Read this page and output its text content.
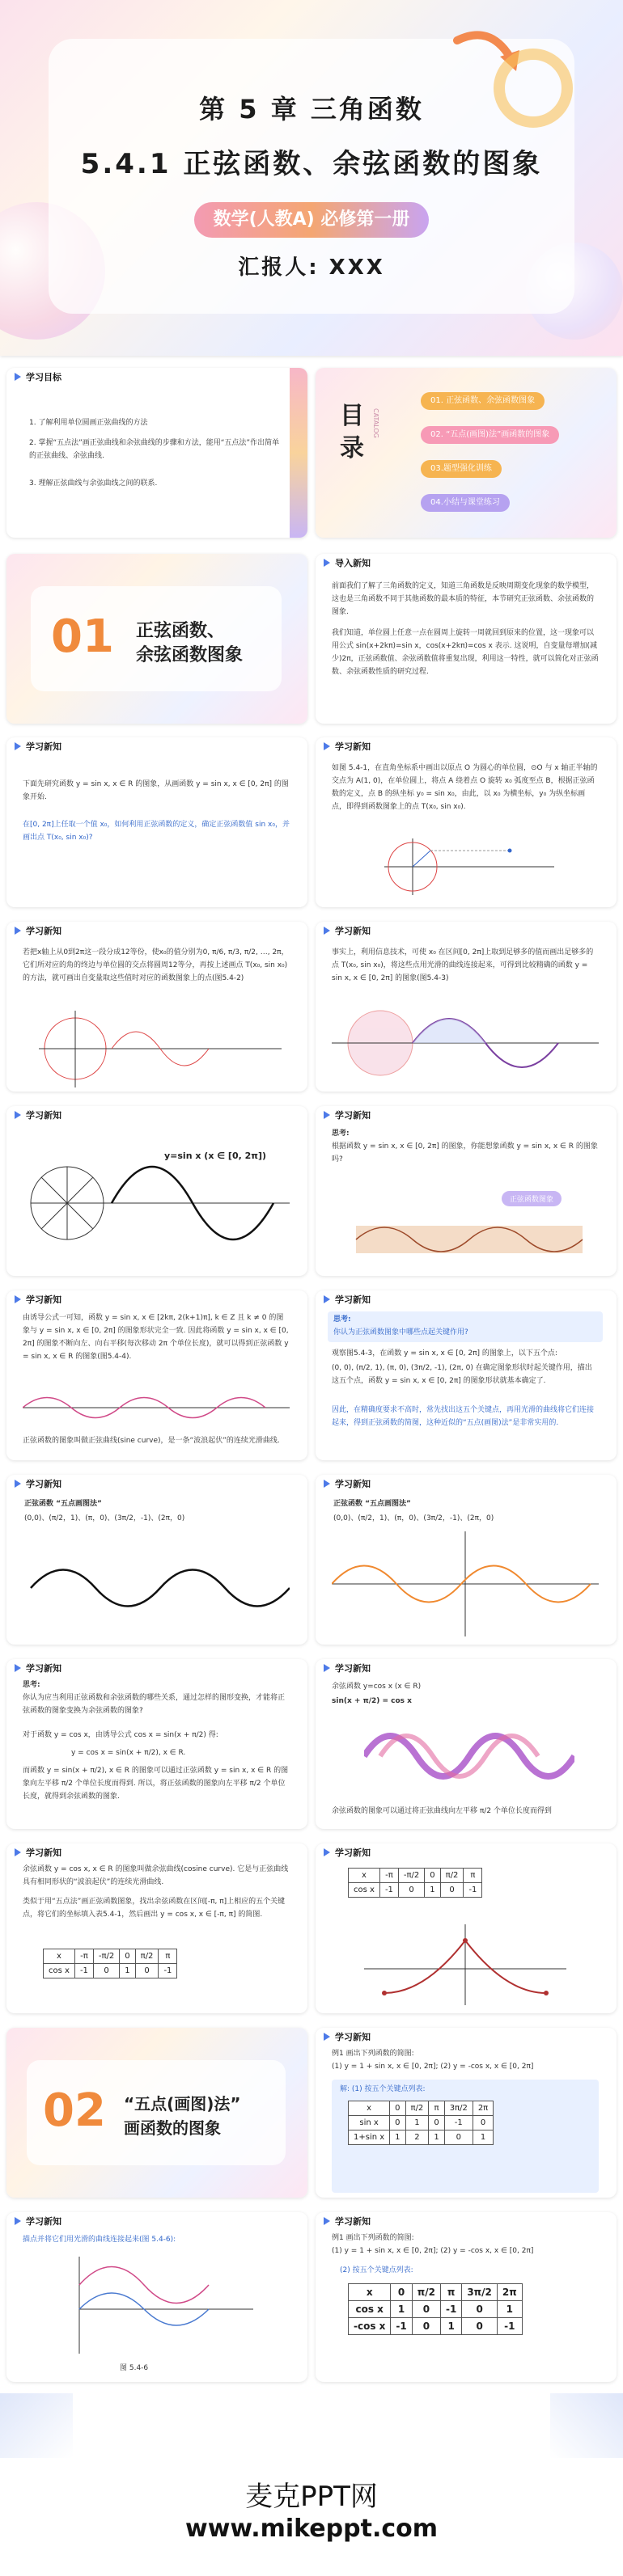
第 5 章 三角函数
5.4.1 正弦函数、余弦函数的图象
数学(人教A) 必修第一册
汇报人: XXX
学习目标
1. 了解利用单位圆画正弦曲线的方法
2. 掌握“五点法”画正弦曲线和余弦曲线的步骤和方法，能用“五点法”作出简单的正弦曲线、余弦曲线.
3. 理解正弦曲线与余弦曲线之间的联系.
目录
CATALOG
01. 正弦函数、余弦函数图象
02. “五点(画图)法”画函数的图象
03.题型强化训练
04.小结与课堂练习
01 正弦函数、
余弦函数图象
导入新知
前面我们了解了三角函数的定义，知道三角函数是反映周期变化现象的数学模型，这也是三角函数不同于其他函数的最本质的特征，本节研究正弦函数、余弦函数的图象.
我们知道，单位圆上任意一点在圆周上旋转一周就回到原来的位置，这一现象可以用公式 sin(x+2kπ)=sin x，cos(x+2kπ)=cos x 表示. 这说明，自变量每增加(减少)2π，正弦函数值、余弦函数值将重复出现，利用这一特性，就可以简化对正弦函数、余弦函数性质的研究过程.
学习新知
下面先研究函数 y = sin x, x ∈ R 的图象，从画函数 y = sin x, x ∈ [0, 2π] 的图象开始.
在[0, 2π]上任取一个值 x₀，如何利用正弦函数的定义，确定正弦函数值 sin x₀，并画出点 T(x₀, sin x₀)?
学习新知
如图 5.4-1，在直角坐标系中画出以原点 O 为圆心的单位圆，⊙O 与 x 轴正半轴的交点为 A(1, 0)，在单位圆上，将点 A 绕着点 O 旋转 x₀ 弧度至点 B，根据正弦函数的定义，点 B 的纵坐标 y₀ = sin x₀，由此，以 x₀ 为横坐标，y₀ 为纵坐标画点，即得到函数图象上的点 T(x₀, sin x₀).
学习新知
若把x轴上从0到2π这一段分成12等份，使x₀的值分别为0, π/6, π/3, π/2, …, 2π，它们所对应的角的终边与单位圆的交点将圆周12等分，再按上述画点 T(x₀, sin x₀) 的方法，就可画出自变量取这些值时对应的函数图象上的点(图5.4-2)
学习新知
事实上，利用信息技术，可使 x₀ 在区间[0, 2π]上取到足够多的值而画出足够多的点 T(x₀, sin x₀)，将这些点用光滑的曲线连接起来，可得到比较精确的函数 y = sin x, x ∈ [0, 2π] 的图象(图5.4-3)
学习新知
y=sin x (x ∈ [0, 2π])
学习新知
思考:
根据函数 y = sin x, x ∈ [0, 2π] 的图象，你能想象函数 y = sin x, x ∈ R 的图象吗?
正弦函数图象
学习新知
由诱导公式一可知，函数 y = sin x, x ∈ [2kπ, 2(k+1)π], k ∈ Z 且 k ≠ 0 的图象与 y = sin x, x ∈ [0, 2π] 的图象形状完全一致. 因此将函数 y = sin x, x ∈ [0, 2π] 的图象不断向左、向右平移(每次移动 2π 个单位长度)，就可以得到正弦函数 y = sin x, x ∈ R 的图象(图5.4-4).
正弦函数的图象叫做正弦曲线(sine curve)，是一条“波浪起伏”的连续光滑曲线.
学习新知
思考:
你认为正弦函数图象中哪些点起关键作用?
观察图5.4-3，在函数 y = sin x, x ∈ [0, 2π] 的图象上，以下五个点:
(0, 0), (π/2, 1), (π, 0), (3π/2, -1), (2π, 0) 在确定图象形状时起关键作用，描出这五个点，函数 y = sin x, x ∈ [0, 2π] 的图象形状就基本确定了.
因此，在精确度要求不高时，常先找出这五个关键点，再用光滑的曲线将它们连接起来，得到正弦函数的简图，这种近似的“五点(画图)法”是非常实用的.
学习新知
正弦函数 “五点画图法”
(0,0)、(π/2，1)、(π，0)、(3π/2，-1)、(2π，0)
学习新知
正弦函数 “五点画图法”
(0,0)、(π/2，1)、(π，0)、(3π/2，-1)、(2π，0)
学习新知
思考:
你认为应当利用正弦函数和余弦函数的哪些关系，通过怎样的图形变换，才能将正弦函数的图象变换为余弦函数的图象?
对于函数 y = cos x，由诱导公式 cos x = sin(x + π/2) 得:
y = cos x = sin(x + π/2), x ∈ R.
而函数 y = sin(x + π/2), x ∈ R 的图象可以通过正弦函数 y = sin x, x ∈ R 的图象向左平移 π/2 个单位长度而得到. 所以，将正弦函数的图象向左平移 π/2 个单位长度，就得到余弦函数的图象.
学习新知
余弦函数 y=cos x (x ∈ R)
sin(x + π/2) = cos x
余弦函数的图象可以通过将正弦曲线向左平移 π/2 个单位长度而得到
学习新知
余弦函数 y = cos x, x ∈ R 的图象叫做余弦曲线(cosine curve). 它是与正弦曲线具有相同形状的“波浪起伏”的连续光滑曲线.
类似于用“五点法”画正弦函数图象，找出余弦函数在区间[-π, π]上相应的五个关键点，将它们的坐标填入表5.4-1，然后画出 y = cos x, x ∈ [-π, π] 的简图.
x	-π	-π/2	0	π/2	π
cos x	-1	0	1	0	-1
学习新知
x	-π	-π/2	0	π/2	π
cos x	-1	0	1	0	-1
02 “五点(画图)法”
画函数的图象
学习新知
例1 画出下列函数的简图:
(1) y = 1 + sin x, x ∈ [0, 2π]; (2) y = -cos x, x ∈ [0, 2π]
解: (1) 按五个关键点列表:
x	0	π/2	π	3π/2	2π
sin x	0	1	0	-1	0
1+sin x	1	2	1	0	1
学习新知
描点并将它们用光滑的曲线连接起来(图 5.4-6):
图 5.4-6
学习新知
例1 画出下列函数的简图:
(1) y = 1 + sin x, x ∈ [0, 2π]; (2) y = -cos x, x ∈ [0, 2π]
(2) 按五个关键点列表:
x	0	π/2	π	3π/2	2π
cos x	1	0	-1	0	1
-cos x	-1	0	1	0	-1
麦克PPT网
www.mikeppt.com
